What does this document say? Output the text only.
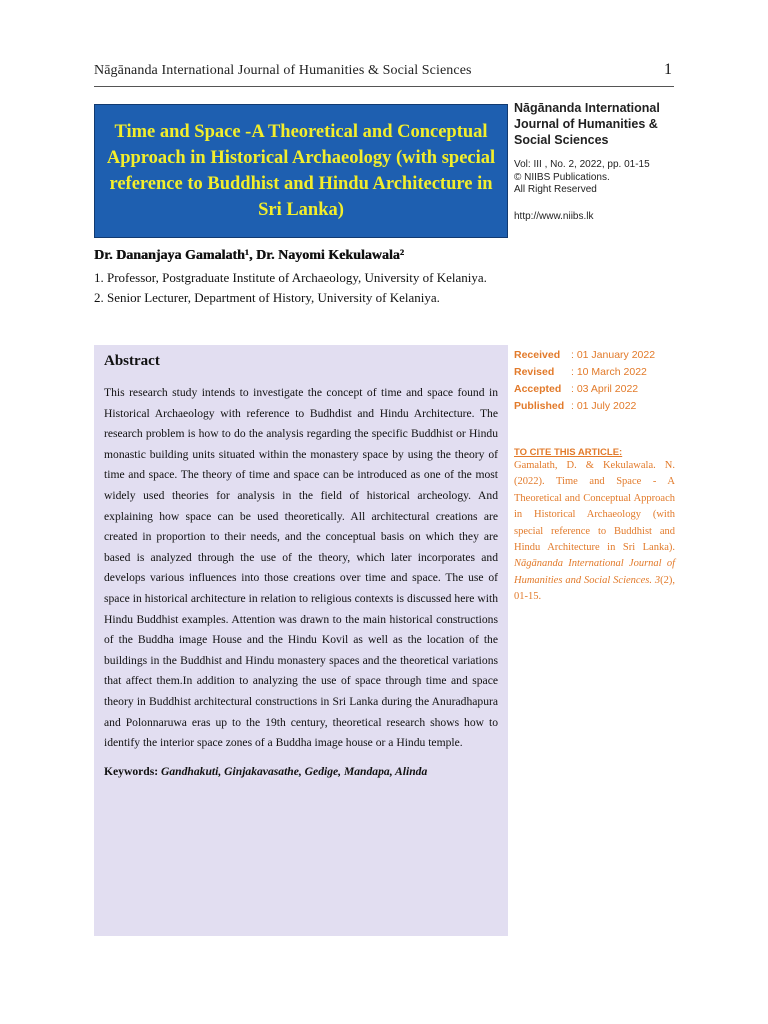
Nāgānanda International Journal of Humanities & Social Sciences	1
Time and Space -A Theoretical and Conceptual Approach in Historical Archaeology (with special reference to Buddhist and Hindu Architecture in Sri Lanka)
Nāgānanda International Journal of Humanities & Social Sciences
Vol: III , No. 2, 2022, pp. 01-15
© NIIBS Publications.
All Right Reserved
http://www.niibs.lk
Dr. Dananjaya Gamalath¹, Dr. Nayomi Kekulawala²
1. Professor, Postgraduate Institute of Archaeology, University of Kelaniya.
2. Senior Lecturer, Department of History, University of Kelaniya.
Abstract

This research study intends to investigate the concept of time and space found in Historical Archaeology with reference to Budhdist and Hindu Architecture. The research problem is how to do the analysis regarding the specific Buddhist or Hindu monastic building units situated within the monastery space by using the theory of time and space. The theory of time and space can be introduced as one of the most widely used theories for analysis in the field of historical archeology. And explaining how space can be used theoretically. All architectural creations are created in proportion to their needs, and the conceptual basis on which they are based is analyzed through the use of the theory, which later incorporates and develops various influences into those creations over time and space. The use of space in historical architecture in relation to religious contexts is discussed here with Hindu Buddhist examples. Attention was drawn to the main historical constructions of the Buddha image House and the Hindu Kovil as well as the location of the buildings in the Buddhist and Hindu monastery spaces and the theoretical variations that affect them.In addition to analyzing the use of space through time and space theory in Buddhist architectural constructions in Sri Lanka during the Anuradhapura and Polonnaruwa eras up to the 19th century, theoretical research shows how to identify the interior space zones of a Buddha image house or a Hindu temple.

Keywords: Gandhakuti, Ginjakavasathe, Gedige, Mandapa, Alinda
Received	: 01 January 2022
Revised	: 10 March 2022
Accepted : 03 April 2022
Published : 01 July 2022
TO CITE THIS ARTICLE:
Gamalath, D. & Kekulawala. N. (2022). Time and Space - A Theoretical and Conceptual Approach in Historical Archaeology (with special reference to Buddhist and Hindu Architecture in Sri Lanka). Nāgānanda International Journal of Humanities and Social Sciences. 3(2), 01-15.
